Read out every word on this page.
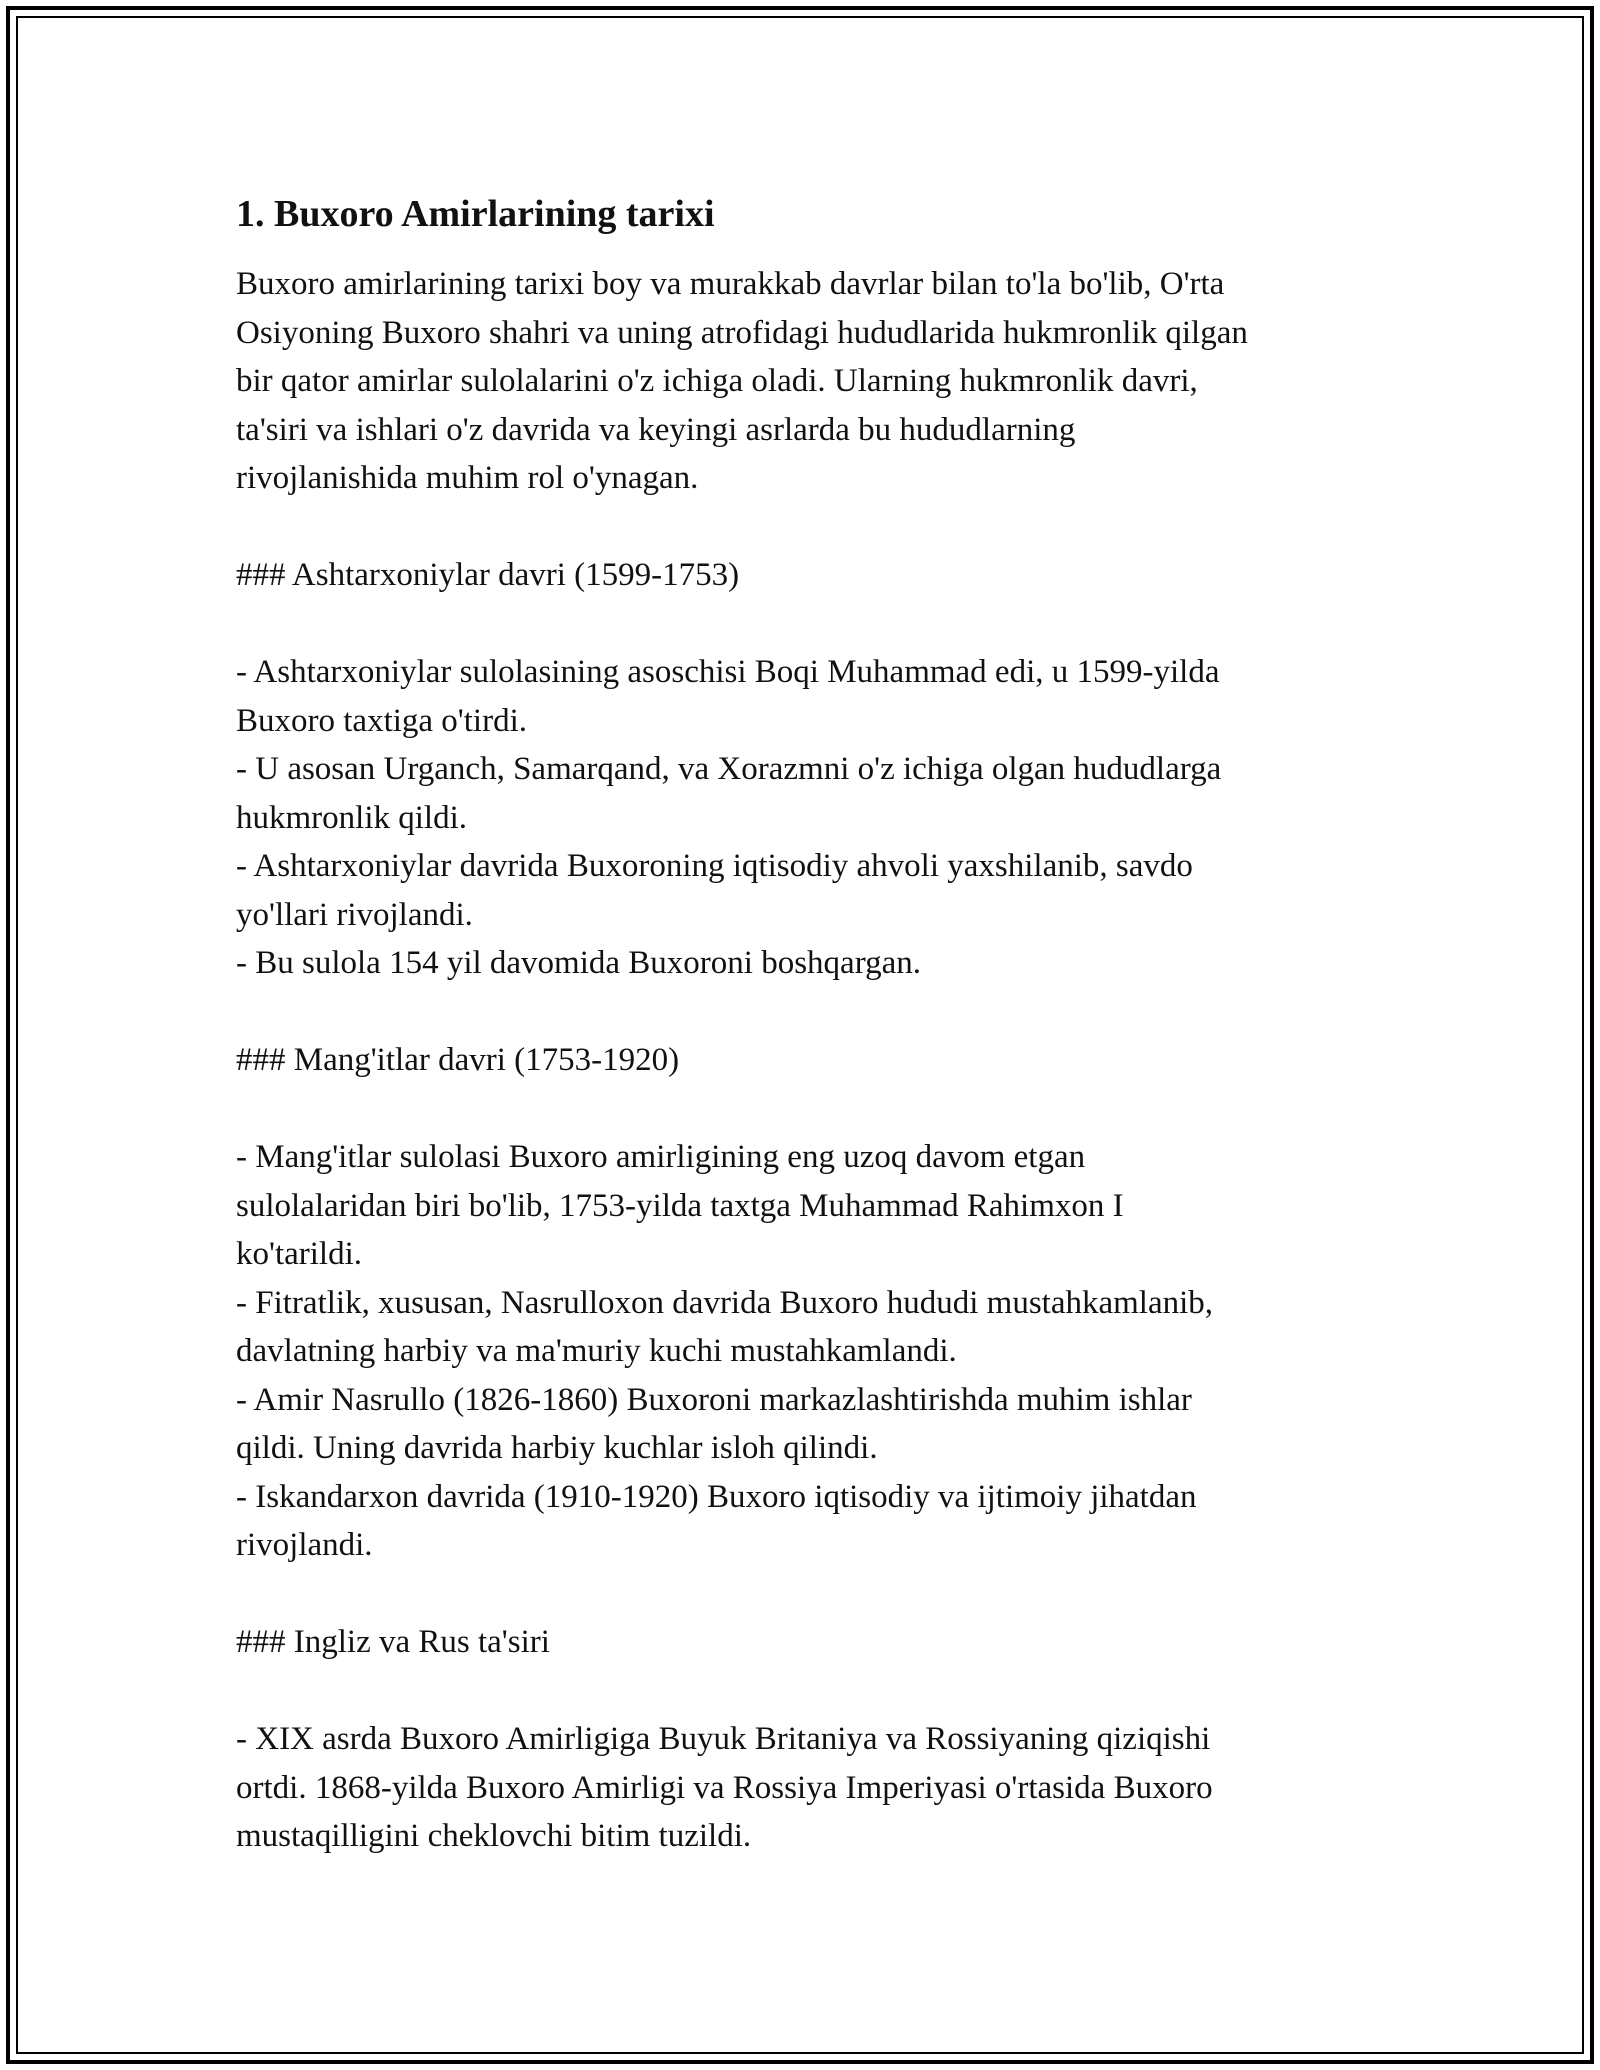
1. Buxoro Amirlarining tarixi

Buxoro amirlarining tarixi boy va murakkab davrlar bilan to'la bo'lib, O'rta
Osiyoning Buxoro shahri va uning atrofidagi hududlarida hukmronlik qilgan
bir qator amirlar sulolalarini o'z ichiga oladi. Ularning hukmronlik davri,
ta'siri va ishlari o'z davrida va keyingi asrlarda bu hududlarning
rivojlanishida muhim rol o'ynagan.

### Ashtarxoniylar davri (1599-1753)

- Ashtarxoniylar sulolasining asoschisi Boqi Muhammad edi, u 1599-yilda
Buxoro taxtiga o'tirdi.
- U asosan Urganch, Samarqand, va Xorazmni o'z ichiga olgan hududlarga
hukmronlik qildi.
- Ashtarxoniylar davrida Buxoroning iqtisodiy ahvoli yaxshilanib, savdo
yo'llari rivojlandi.
- Bu sulola 154 yil davomida Buxoroni boshqargan.

### Mang'itlar davri (1753-1920)

- Mang'itlar sulolasi Buxoro amirligining eng uzoq davom etgan
sulolalaridan biri bo'lib, 1753-yilda taxtga Muhammad Rahimxon I
ko'tarildi.
- Fitratlik, xususan, Nasrulloxon davrida Buxoro hududi mustahkamlanib,
davlatning harbiy va ma'muriy kuchi mustahkamlandi.
- Amir Nasrullo (1826-1860) Buxoroni markazlashtirishda muhim ishlar
qildi. Uning davrida harbiy kuchlar isloh qilindi.
- Iskandarxon davrida (1910-1920) Buxoro iqtisodiy va ijtimoiy jihatdan
rivojlandi.

### Ingliz va Rus ta'siri

- XIX asrda Buxoro Amirligiga Buyuk Britaniya va Rossiyaning qiziqishi
ortdi. 1868-yilda Buxoro Amirligi va Rossiya Imperiyasi o'rtasida Buxoro
mustaqilligini cheklovchi bitim tuzildi.
